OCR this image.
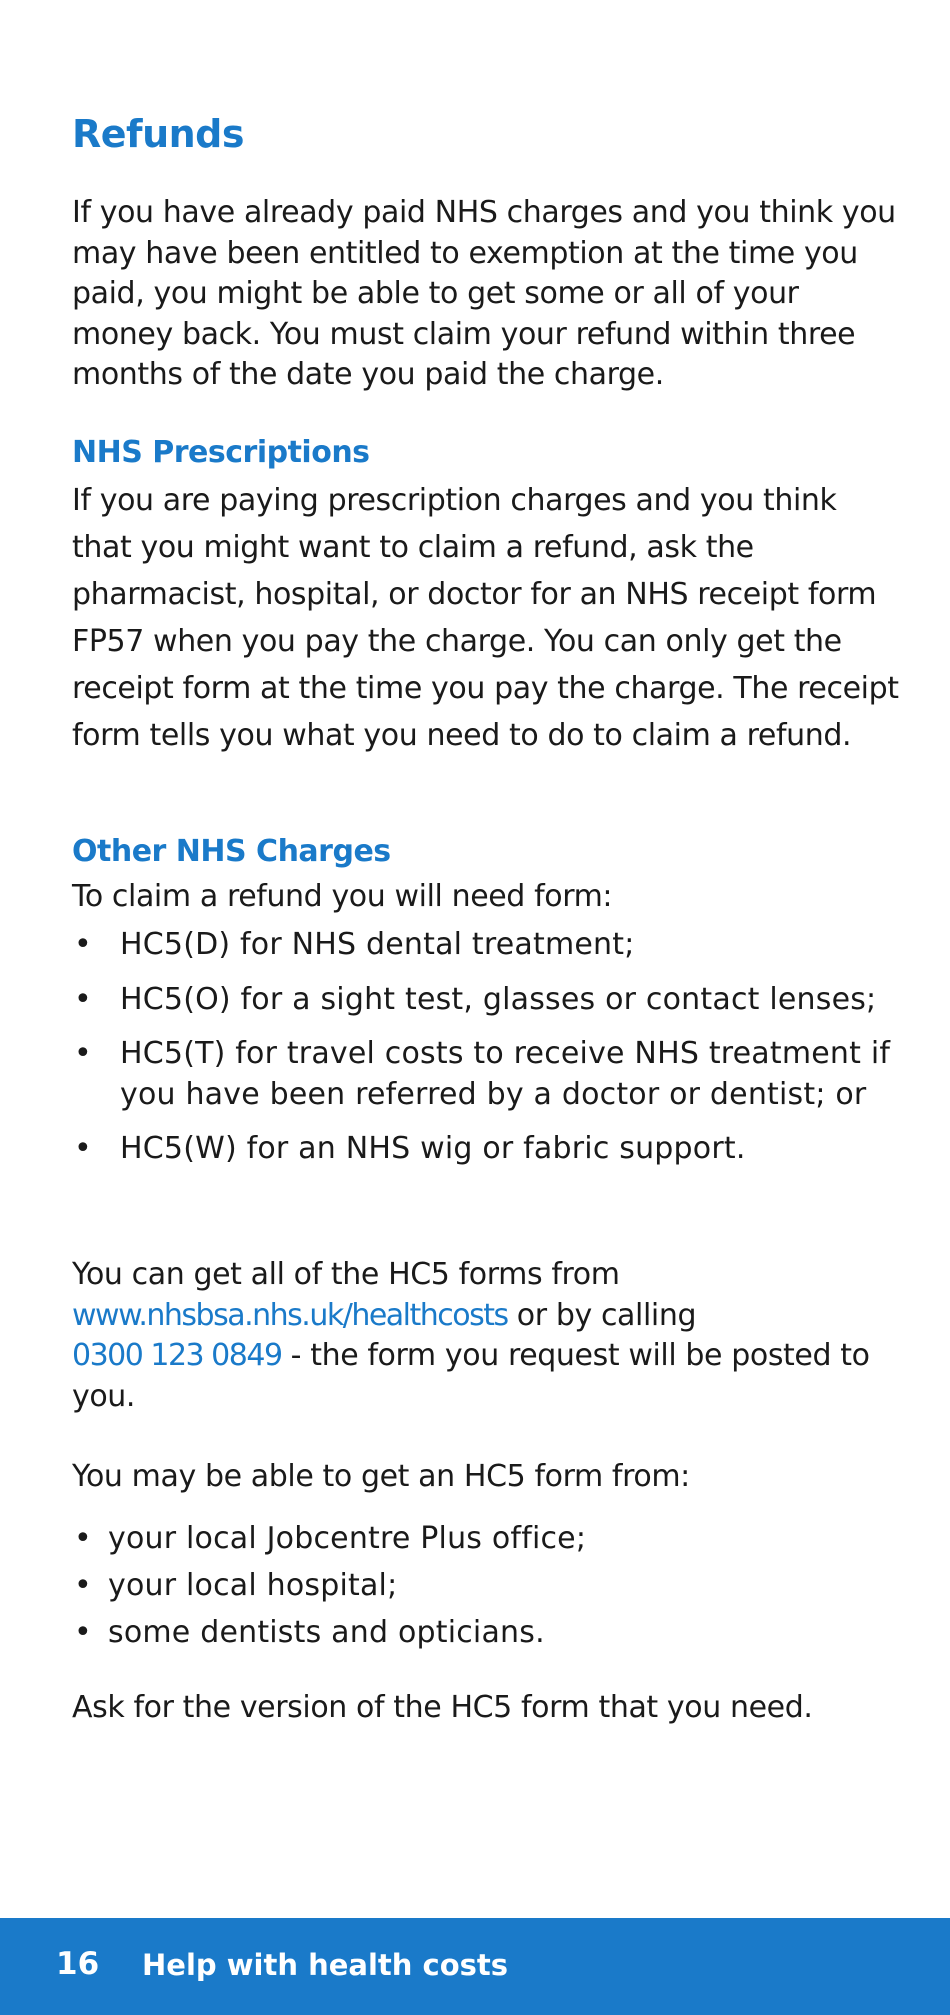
Refunds

If you have already paid NHS charges and you think you may have been entitled to exemption at the time you paid, you might be able to get some or all of your money back. You must claim your refund within three months of the date you paid the charge.

NHS Prescriptions

If you are paying prescription charges and you think that you might want to claim a refund, ask the pharmacist, hospital, or doctor for an NHS receipt form FP57 when you pay the charge. You can only get the receipt form at the time you pay the charge. The receipt form tells you what you need to do to claim a refund.

Other NHS Charges

To claim a refund you will need form:

• HC5(D) for NHS dental treatment;
• HC5(O) for a sight test, glasses or contact lenses;
• HC5(T) for travel costs to receive NHS treatment if you have been referred by a doctor or dentist; or
• HC5(W) for an NHS wig or fabric support.

You can get all of the HC5 forms from
www.nhsbsa.nhs.uk/healthcosts or by calling
0300 123 0849 - the form you request will be posted to you.

You may be able to get an HC5 form from:

• your local Jobcentre Plus office;
• your local hospital;
• some dentists and opticians.

Ask for the version of the HC5 form that you need.

16 Help with health costs
